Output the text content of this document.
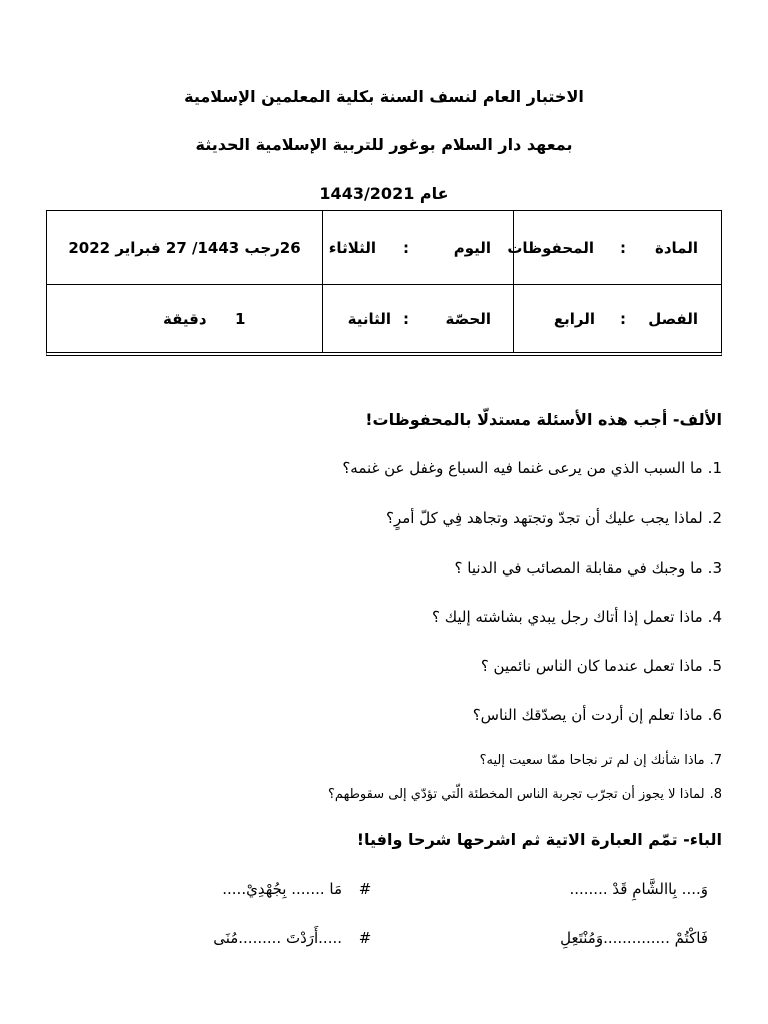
الاختبار العام لنسف السنة بكلية المعلمين الإسلامية
بمعهد دار السلام بوغور للتربية الإسلامية الحديثة
عام 1443/2021
المادة
:
المحفوظات
اليوم
:
الثلاثاء
26رجب 1443/ 27 فبراير 2022
الفصل
:
الرابع
الحصّة
:
الثانية
1
دقيقة
الألف- أجب هذه الأسئلة مستدلّا بالمحفوظات!
1.ما السبب الذي من يرعى غنما فيه السباع وغفل عن غنمه؟
2.لماذا يجب عليك أن تجدّ وتجتهد وتجاهد فِي كلّ أمرٍ؟
3.ما وجبك في مقابلة المصائب في الدنيا ؟
4.ماذا تعمل إذا أتاك رجل يبدي بشاشته إليك ؟
5.ماذا تعمل عندما كان الناس نائمين ؟
6.ماذا تعلم إن أردت أن يصدّقك الناس؟
7.ماذا شأنك إن لم تر نجاحا ممّا سعيت إليه؟
8.لماذا لا يجوز أن تجرّب تجربة الناس المخطئة الّتي تؤدّي إلى سقوطهم؟
الباء- تمّم العبارة الاتية ثم اشرحها شرحا وافيا!
وَ.... بِاالشَّامِ قَدْ ........
#
مَا ....... بِجُهْدِيْ.....
فَاكْتُمْ ..............وَمُنْتَعِلِ
#
.....أَرَدْتَ .........مُنَى
